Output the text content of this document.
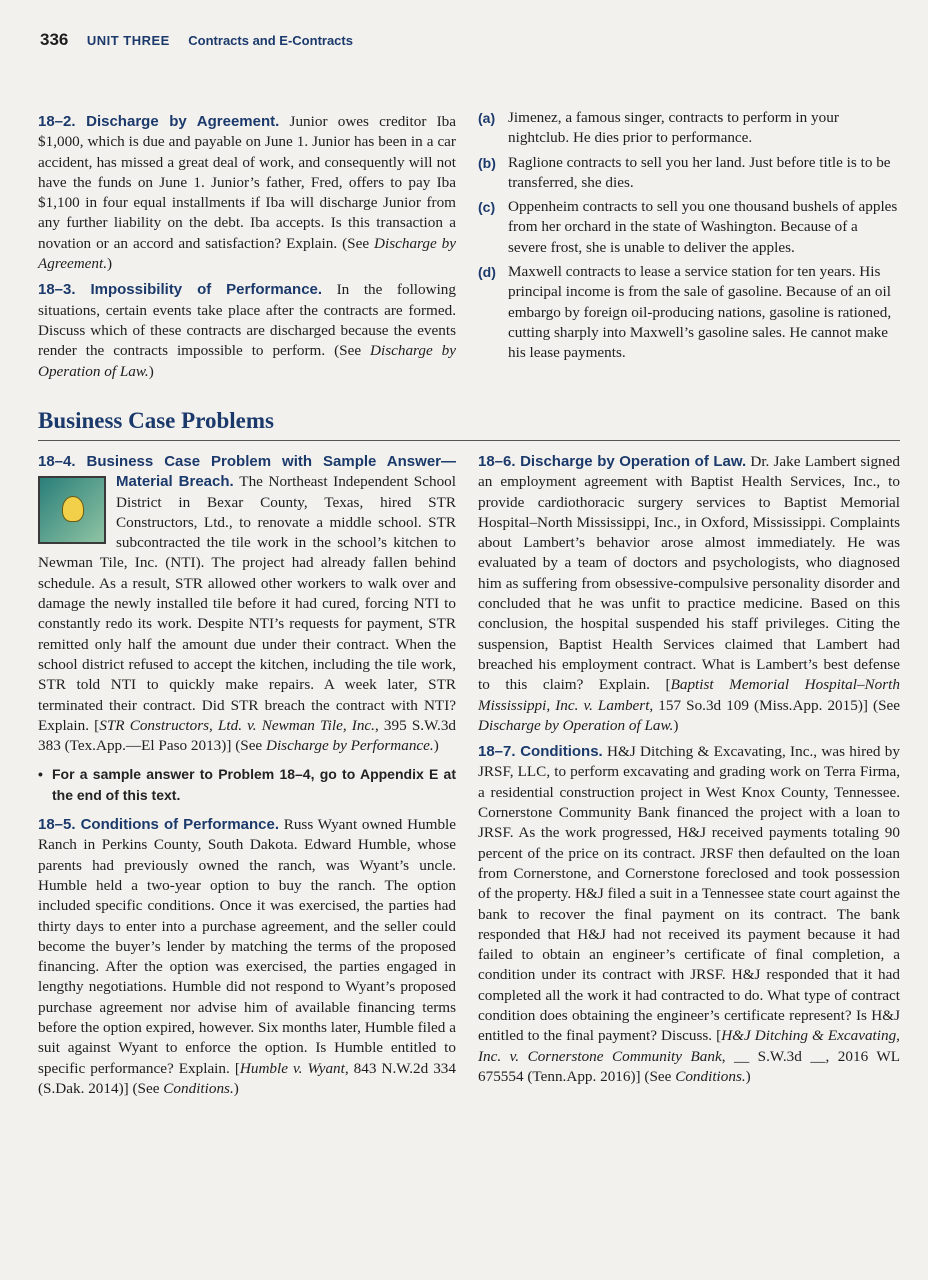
336 UNIT THREE Contracts and E-Contracts

18–2. Discharge by Agreement. Junior owes creditor Iba $1,000, which is due and payable on June 1. Junior has been in a car accident, has missed a great deal of work, and consequently will not have the funds on June 1. Junior’s father, Fred, offers to pay Iba $1,100 in four equal installments if Iba will discharge Junior from any further liability on the debt. Iba accepts. Is this transaction a novation or an accord and satisfaction? Explain. (See Discharge by Agreement.)

18–3. Impossibility of Performance. In the following situations, certain events take place after the contracts are formed. Discuss which of these contracts are discharged because the events render the contracts impossible to perform. (See Discharge by Operation of Law.)

(a) Jimenez, a famous singer, contracts to perform in your nightclub. He dies prior to performance.
(b) Raglione contracts to sell you her land. Just before title is to be transferred, she dies.
(c) Oppenheim contracts to sell you one thousand bushels of apples from her orchard in the state of Washington. Because of a severe frost, she is unable to deliver the apples.
(d) Maxwell contracts to lease a service station for ten years. His principal income is from the sale of gasoline. Because of an oil embargo by foreign oil-producing nations, gasoline is rationed, cutting sharply into Maxwell’s gasoline sales. He cannot make his lease payments.
Business Case Problems

18–4. Business Case Problem with Sample Answer—Material Breach.
The Northeast Independent School District in Bexar County, Texas, hired STR Constructors, Ltd., to renovate a middle school. STR subcontracted the tile work in the school’s kitchen to Newman Tile, Inc. (NTI). The project had already fallen behind schedule. As a result, STR allowed other workers to walk over and damage the newly installed tile before it had cured, forcing NTI to constantly redo its work. Despite NTI’s requests for payment, STR remitted only half the amount due under their contract. When the school district refused to accept the kitchen, including the tile work, STR told NTI to quickly make repairs. A week later, STR terminated their contract. Did STR breach the contract with NTI? Explain. [STR Constructors, Ltd. v. Newman Tile, Inc., 395 S.W.3d 383 (Tex.App.—El Paso 2013)] (See Discharge by Performance.)

• For a sample answer to Problem 18–4, go to Appendix E at the end of this text.

18–5. Conditions of Performance. Russ Wyant owned Humble Ranch in Perkins County, South Dakota. Edward Humble, whose parents had previously owned the ranch, was Wyant’s uncle. Humble held a two-year option to buy the ranch. The option included specific conditions. Once it was exercised, the parties had thirty days to enter into a purchase agreement, and the seller could become the buyer’s lender by matching the terms of the proposed financing. After the option was exercised, the parties engaged in lengthy negotiations. Humble did not respond to Wyant’s proposed purchase agreement nor advise him of available financing terms before the option expired, however. Six months later, Humble filed a suit against Wyant to enforce the option. Is Humble entitled to specific performance? Explain. [Humble v. Wyant, 843 N.W.2d 334 (S.Dak. 2014)] (See Conditions.)

18–6. Discharge by Operation of Law. Dr. Jake Lambert signed an employment agreement with Baptist Health Services, Inc., to provide cardiothoracic surgery services to Baptist Memorial Hospital–North Mississippi, Inc., in Oxford, Mississippi. Complaints about Lambert’s behavior arose almost immediately. He was evaluated by a team of doctors and psychologists, who diagnosed him as suffering from obsessive-compulsive personality disorder and concluded that he was unfit to practice medicine. Based on this conclusion, the hospital suspended his staff privileges. Citing the suspension, Baptist Health Services claimed that Lambert had breached his employment contract. What is Lambert’s best defense to this claim? Explain. [Baptist Memorial Hospital–North Mississippi, Inc. v. Lambert, 157 So.3d 109 (Miss.App. 2015)] (See Discharge by Operation of Law.)

18–7. Conditions. H&J Ditching & Excavating, Inc., was hired by JRSF, LLC, to perform excavating and grading work on Terra Firma, a residential construction project in West Knox County, Tennessee. Cornerstone Community Bank financed the project with a loan to JRSF. As the work progressed, H&J received payments totaling 90 percent of the price on its contract. JRSF then defaulted on the loan from Cornerstone, and Cornerstone foreclosed and took possession of the property. H&J filed a suit in a Tennessee state court against the bank to recover the final payment on its contract. The bank responded that H&J had not received its payment because it had failed to obtain an engineer’s certificate of final completion, a condition under its contract with JRSF. H&J responded that it had completed all the work it had contracted to do. What type of contract condition does obtaining the engineer’s certificate represent? Is H&J entitled to the final payment? Discuss. [H&J Ditching & Excavating, Inc. v. Cornerstone Community Bank, __ S.W.3d __, 2016 WL 675554 (Tenn.App. 2016)] (See Conditions.)
